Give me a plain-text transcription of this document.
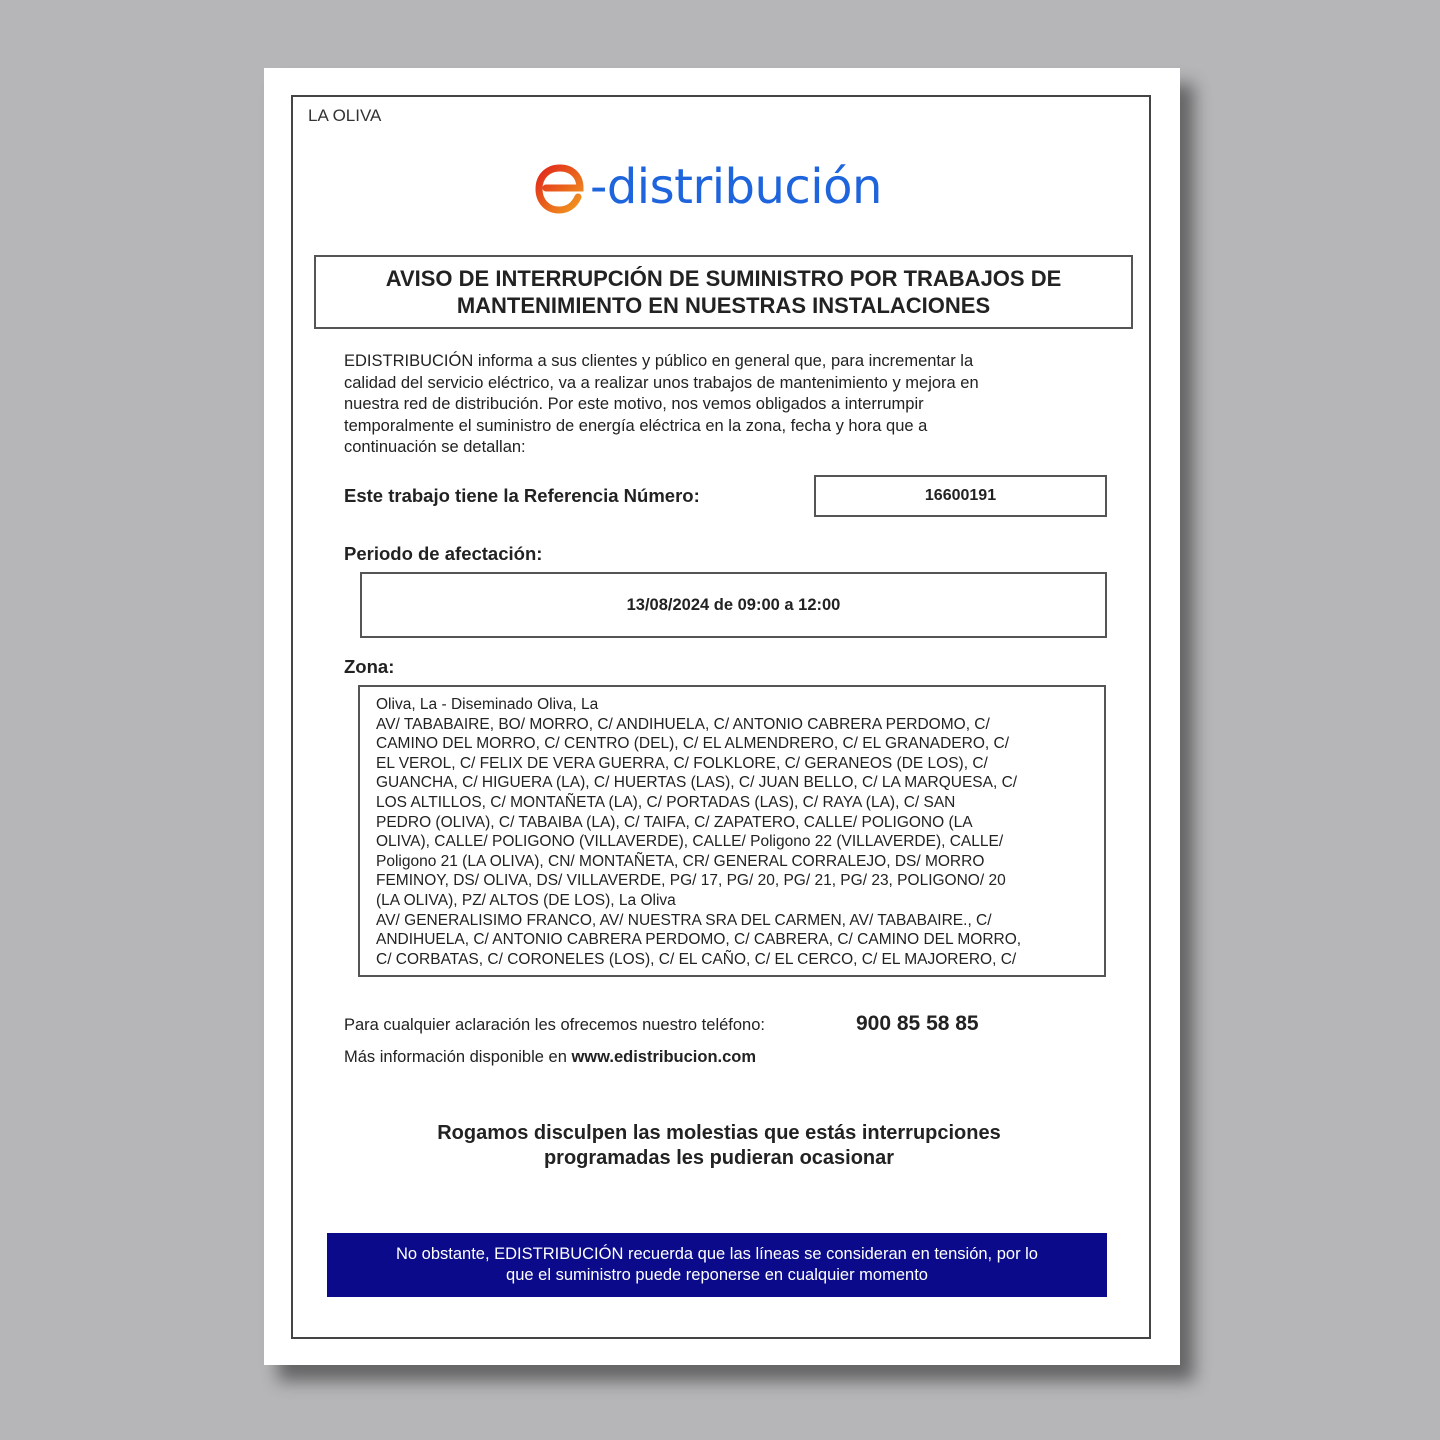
LA OLIVA
-distribución
AVISO DE INTERRUPCIÓN DE SUMINISTRO POR TRABAJOS DE
MANTENIMIENTO EN NUESTRAS INSTALACIONES
EDISTRIBUCIÓN informa a sus clientes y público en general que, para incrementar la
calidad del servicio eléctrico, va a realizar unos trabajos de mantenimiento y mejora en
nuestra red de distribución. Por este motivo, nos vemos obligados a interrumpir
temporalmente el suministro de energía eléctrica en la zona, fecha y hora que a
continuación se detallan:
Este trabajo tiene la Referencia Número:	16600191
Periodo de afectación:
13/08/2024 de 09:00 a 12:00
Zona:
Oliva, La - Diseminado Oliva, La
AV/ TABABAIRE, BO/ MORRO, C/ ANDIHUELA, C/ ANTONIO CABRERA PERDOMO, C/
CAMINO DEL MORRO, C/ CENTRO (DEL), C/ EL ALMENDRERO, C/ EL GRANADERO, C/
EL VEROL, C/ FELIX DE VERA GUERRA, C/ FOLKLORE, C/ GERANEOS (DE LOS), C/
GUANCHA, C/ HIGUERA (LA), C/ HUERTAS (LAS), C/ JUAN BELLO, C/ LA MARQUESA, C/
LOS ALTILLOS, C/ MONTAÑETA (LA), C/ PORTADAS (LAS), C/ RAYA (LA), C/ SAN
PEDRO (OLIVA), C/ TABAIBA (LA), C/ TAIFA, C/ ZAPATERO, CALLE/ POLIGONO (LA
OLIVA), CALLE/ POLIGONO (VILLAVERDE), CALLE/ Poligono 22 (VILLAVERDE), CALLE/
Poligono 21 (LA OLIVA), CN/ MONTAÑETA, CR/ GENERAL CORRALEJO, DS/ MORRO
FEMINOY, DS/ OLIVA, DS/ VILLAVERDE, PG/ 17, PG/ 20, PG/ 21, PG/ 23, POLIGONO/ 20
(LA OLIVA), PZ/ ALTOS (DE LOS), La Oliva
AV/ GENERALISIMO FRANCO, AV/ NUESTRA SRA DEL CARMEN, AV/ TABABAIRE., C/
ANDIHUELA, C/ ANTONIO CABRERA PERDOMO, C/ CABRERA, C/ CAMINO DEL MORRO,
C/ CORBATAS, C/ CORONELES (LOS), C/ EL CAÑO, C/ EL CERCO, C/ EL MAJORERO, C/
Para cualquier aclaración les ofrecemos nuestro teléfono:	900 85 58 85
Más información disponible en www.edistribucion.com
Rogamos disculpen las molestias que estás interrupciones
programadas les pudieran ocasionar
No obstante, EDISTRIBUCIÓN recuerda que las líneas se consideran en tensión, por lo
que el suministro puede reponerse en cualquier momento
